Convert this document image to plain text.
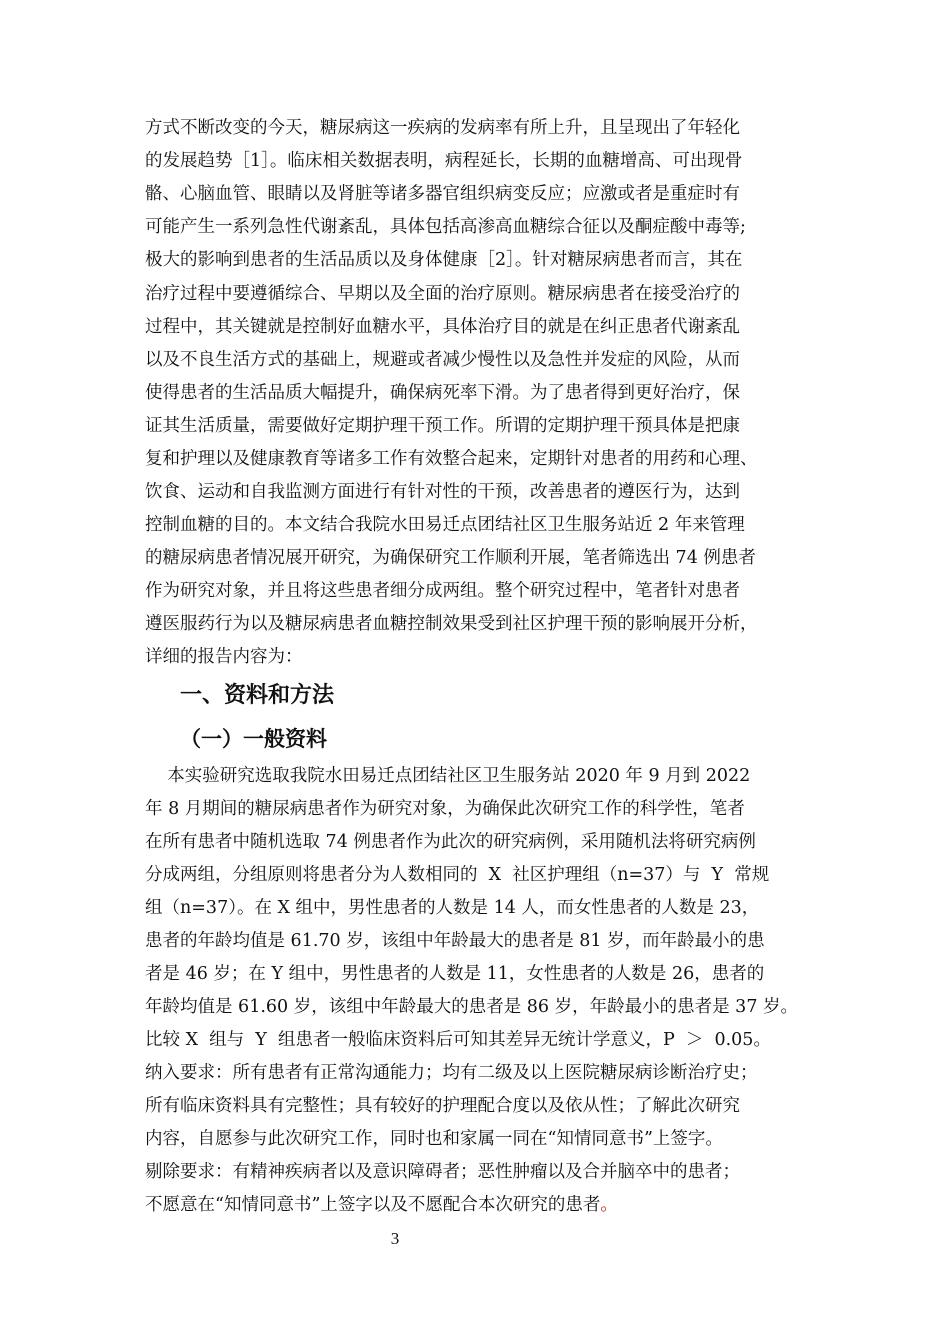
方式不断改变的今天，糖尿病这一疾病的发病率有所上升，且呈现出了年轻化
的发展趋势［1］。临床相关数据表明，病程延长，长期的血糖增高、可出现骨
骼、心脑血管、眼睛以及肾脏等诸多器官组织病变反应；应激或者是重症时有
可能产生一系列急性代谢紊乱，具体包括高渗高血糖综合征以及酮症酸中毒等;
极大的影响到患者的生活品质以及身体健康［2］。针对糖尿病患者而言，其在
治疗过程中要遵循综合、早期以及全面的治疗原则。糖尿病患者在接受治疗的
过程中，其关键就是控制好血糖水平，具体治疗目的就是在纠正患者代谢紊乱
以及不良生活方式的基础上，规避或者减少慢性以及急性并发症的风险，从而
使得患者的生活品质大幅提升，确保病死率下滑。为了患者得到更好治疗，保
证其生活质量，需要做好定期护理干预工作。所谓的定期护理干预具体是把康
复和护理以及健康教育等诸多工作有效整合起来，定期针对患者的用药和心理、
饮食、运动和自我监测方面进行有针对性的干预，改善患者的遵医行为，达到
控制血糖的目的。本文结合我院水田易迁点团结社区卫生服务站近 2 年来管理
的糖尿病患者情况展开研究，为确保研究工作顺利开展，笔者筛选出 74 例患者
作为研究对象，并且将这些患者细分成两组。整个研究过程中，笔者针对患者
遵医服药行为以及糖尿病患者血糖控制效果受到社区护理干预的影响展开分析，
详细的报告内容为：
一、资料和方法
（一）一般资料
本实验研究选取我院水田易迁点团结社区卫生服务站 2020 年 9 月到 2022
年 8 月期间的糖尿病患者作为研究对象，为确保此次研究工作的科学性，笔者
在所有患者中随机选取 74 例患者作为此次的研究病例，采用随机法将研究病例
分成两组，分组原则将患者分为人数相同的  X  社区护理组（n=37）与  Y  常规
组（n=37）。在 X 组中，男性患者的人数是 14 人，而女性患者的人数是 23，
患者的年龄均值是 61.70 岁，该组中年龄最大的患者是 81 岁，而年龄最小的患
者是 46 岁；在 Y 组中，男性患者的人数是 11，女性患者的人数是 26，患者的
年龄均值是 61.60 岁，该组中年龄最大的患者是 86 岁，年龄最小的患者是 37 岁。
比较 X  组与  Y  组患者一般临床资料后可知其差异无统计学意义，P  ＞  0.05。
纳入要求：所有患者有正常沟通能力；均有二级及以上医院糖尿病诊断治疗史；
所有临床资料具有完整性；具有较好的护理配合度以及依从性；了解此次研究
内容，自愿参与此次研究工作，同时也和家属一同在“知情同意书”上签字。
剔除要求：有精神疾病者以及意识障碍者；恶性肿瘤以及合并脑卒中的患者；
不愿意在“知情同意书”上签字以及不愿配合本次研究的患者。
3
